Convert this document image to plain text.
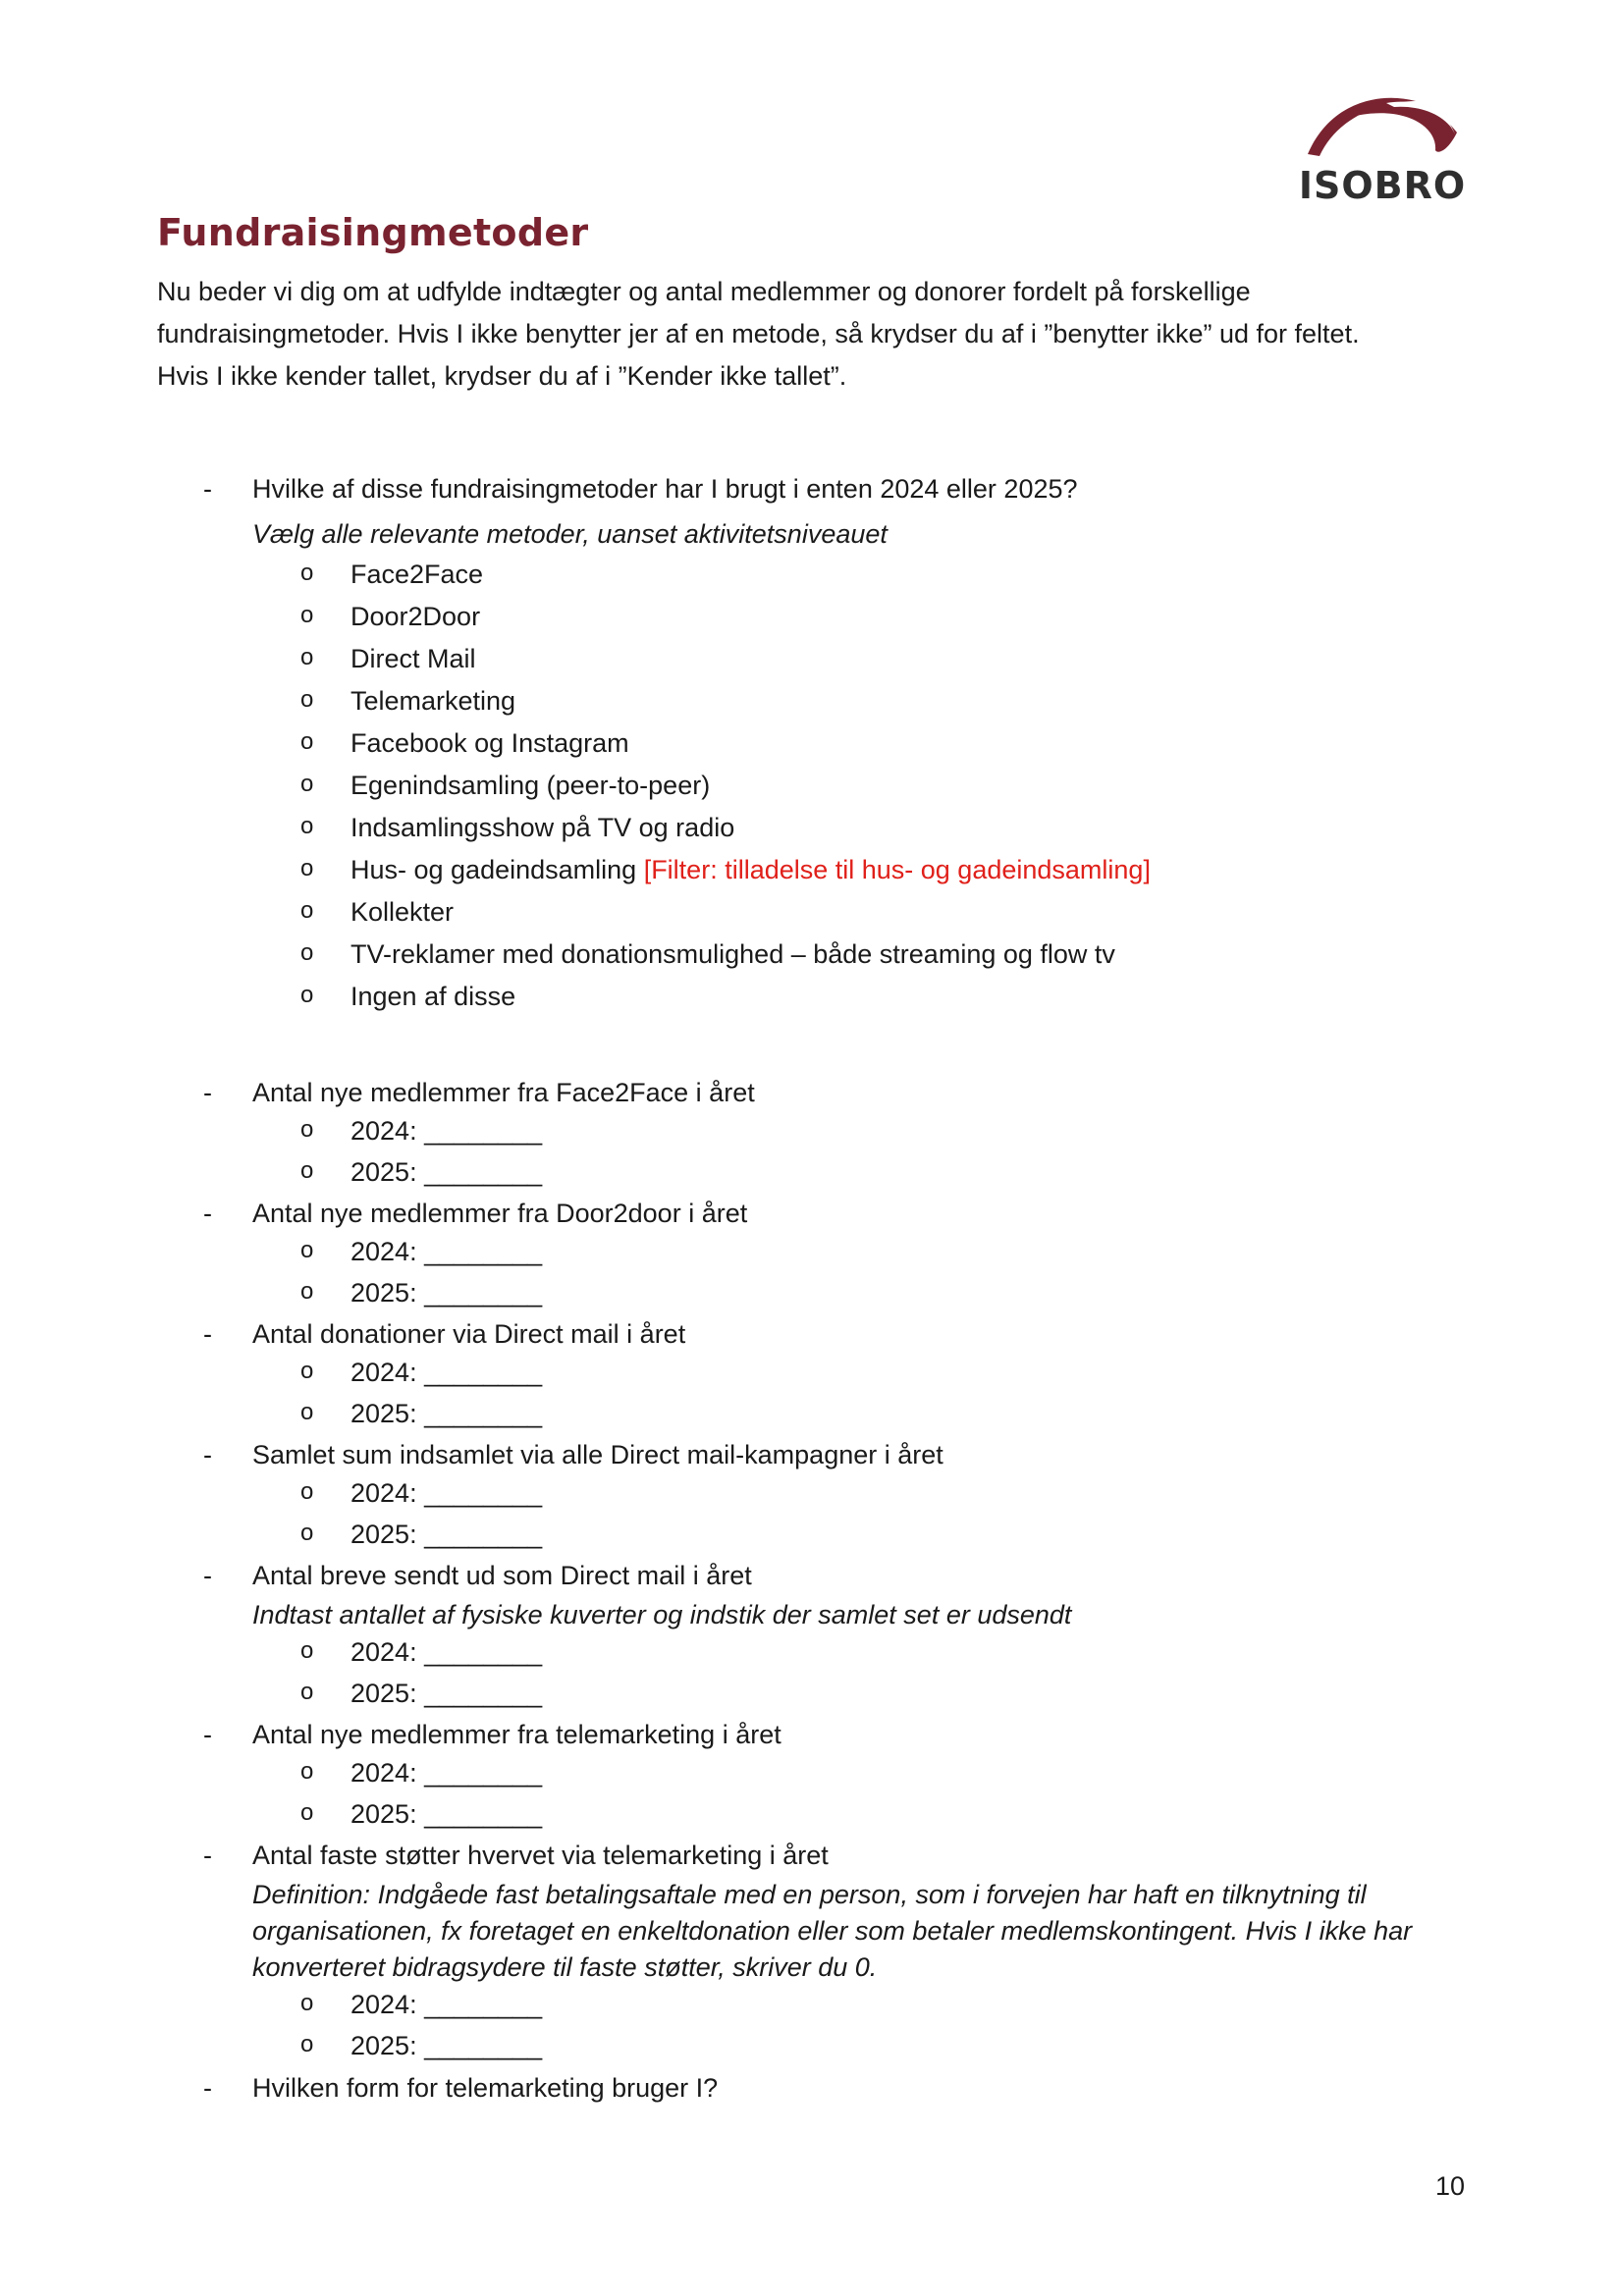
ISOBRO
Fundraisingmetoder

Nu beder vi dig om at udfylde indtægter og antal medlemmer og donorer fordelt på forskellige

fundraisingmetoder. Hvis I ikke benytter jer af en metode, så krydser du af i ”benytter ikke” ud for feltet.

Hvis I ikke kender tallet, krydser du af i ”Kender ikke tallet”.

- Hvilke af disse fundraisingmetoder har I brugt i enten 2024 eller 2025?
Vælg alle relevante metoder, uanset aktivitetsniveauet
o Face2Face
o Door2Door
o Direct Mail
o Telemarketing
o Facebook og Instagram
o Egenindsamling (peer-to-peer)
o Indsamlingsshow på TV og radio
o Hus- og gadeindsamling [Filter: tilladelse til hus- og gadeindsamling]
o Kollekter
o TV-reklamer med donationsmulighed – både streaming og flow tv
o Ingen af disse
- Antal nye medlemmer fra Face2Face i året
o 2024: ________
o 2025: ________
- Antal nye medlemmer fra Door2door i året
o 2024: ________
o 2025: ________
- Antal donationer via Direct mail i året
o 2024: ________
o 2025: ________
- Samlet sum indsamlet via alle Direct mail-kampagner i året
o 2024: ________
o 2025: ________
- Antal breve sendt ud som Direct mail i året
Indtast antallet af fysiske kuverter og indstik der samlet set er udsendt
o 2024: ________
o 2025: ________
- Antal nye medlemmer fra telemarketing i året
o 2024: ________
o 2025: ________
- Antal faste støtter hvervet via telemarketing i året
Definition: Indgåede fast betalingsaftale med en person, som i forvejen har haft en tilknytning til organisationen, fx foretaget en enkeltdonation eller som betaler medlemskontingent. Hvis I ikke har konverteret bidragsydere til faste støtter, skriver du 0.
o 2024: ________
o 2025: ________
- Hvilken form for telemarketing bruger I?
10
